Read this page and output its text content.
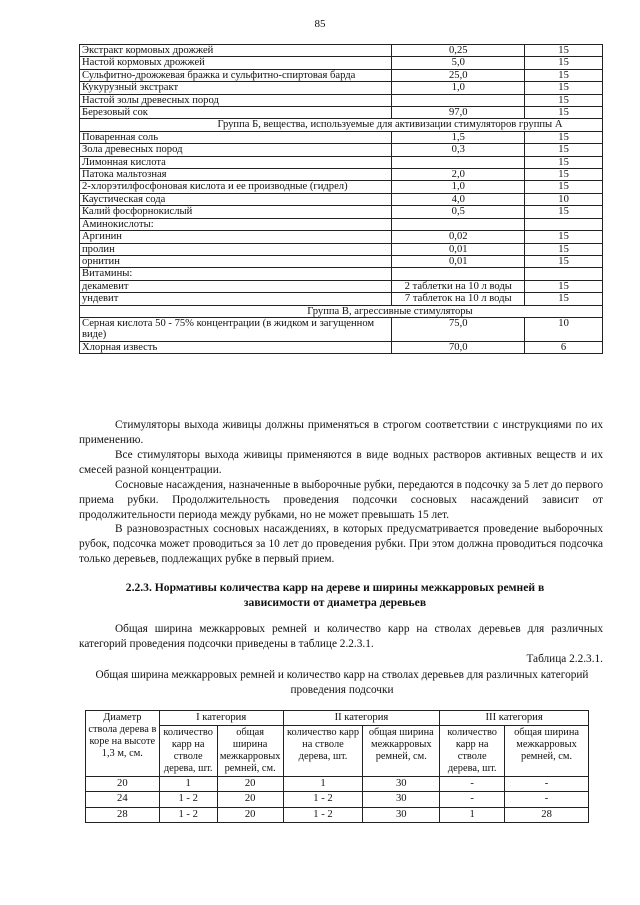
85
Экстракт кормовых дрожжей	0,25	15
Настой кормовых дрожжей	5,0	15
Сульфитно-дрожжевая бражка и сульфитно-спиртовая барда	25,0	15
Кукурузный экстракт	1,0	15
Настой золы древесных пород		15
Березовый сок	97,0	15
Группа Б, вещества, используемые для активизации стимуляторов группы А		
Поваренная соль	1,5	15
Зола древесных пород	0,3	15
Лимонная кислота		15
Патока мальтозная	2,0	15
2-хлорэтилфосфоновая кислота и ее производные (гидрел)	1,0	15
Каустическая сода	4,0	10
Калий фосфорнокислый	0,5	15
Аминокислоты:		
Аргинин	0,02	15
пролин	0,01	15
орнитин	0,01	15
Витамины:		
декамевит	2 таблетки на 10 л воды	15
ундевит	7 таблеток на 10 л воды	15
Группа В, агрессивные стимуляторы		
Серная кислота 50 - 75% концентрации (в жидком и загущенном виде)	75,0	10
Хлорная известь	70,0	6

Стимуляторы выхода живицы должны применяться в строгом соответствии с инструкциями по их применению.

Все стимуляторы выхода живицы применяются в виде водных растворов активных веществ и их смесей разной концентрации.

Сосновые насаждения, назначенные в выборочные рубки, передаются в подсочку за 5 лет до первого приема рубки. Продолжительность проведения подсочки сосновых насаждений зависит от продолжительности периода между рубками, но не может превышать 15 лет.

В разновозрастных сосновых насаждениях, в которых предусматривается проведение выборочных рубок, подсочка может проводиться за 10 лет до проведения рубки. При этом должна проводиться подсочка только деревьев, подлежащих рубке в первый прием.

2.2.3. Нормативы количества карр на дереве и ширины межкарровых ремней в зависимости от диаметра деревьев

Общая ширина межкарровых ремней и количество карр на стволах деревьев для различных категорий проведения подсочки приведены в таблице 2.2.3.1.

Таблица 2.2.3.1.

Общая ширина межкарровых ремней и количество карр на стволах деревьев для различных категорий проведения подсочки

Диаметр ствола дерева в коре на высоте 1,3 м, см.	I категория		II категория		III категория	
	количество карр на стволе дерева, шт.	общая ширина межкарровых ремней, см.	количество карр на стволе дерева, шт.	общая ширина межкарровых ремней, см.	количество карр на стволе дерева, шт.	общая ширина межкарровых ремней, см.
20	1	20	1	30	-	-
24	1 - 2	20	1 - 2	30	-	-
28	1 - 2	20	1 - 2	30	1	28
